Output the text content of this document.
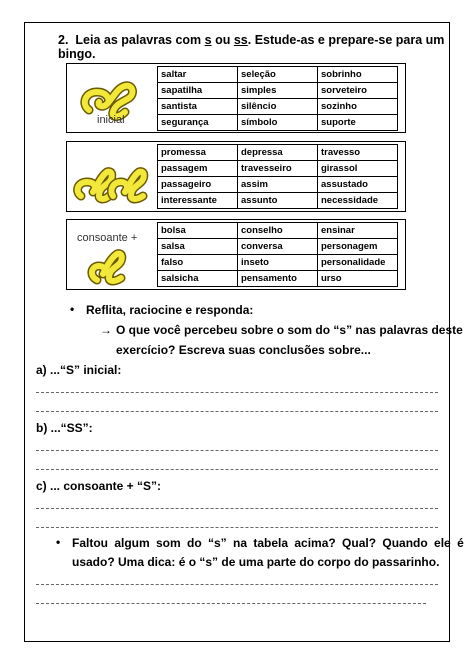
2. Leia as palavras com s ou ss. Estude-as e prepare-se para um bingo.
inicial
saltar	seleção	sobrinho
sapatilha	simples	sorveteiro
santista	silêncio	sozinho
segurança	símbolo	suporte
promessa	depressa	travesso
passagem	travesseiro	girassol
passageiro	assim	assustado
interessante	assunto	necessidade
consoante +
bolsa	conselho	ensinar
salsa	conversa	personagem
falso	inseto	personalidade
salsicha	pensamento	urso
• Reflita, raciocine e responda:
→ O que você percebeu sobre o som do “s” nas palavras deste
exercício? Escreva suas conclusões sobre...
a) ...“S” inicial:
b) ...“SS”:
c) ... consoante + “S”:
• Faltou algum som do “s” na tabela acima? Qual? Quando ele é
usado? Uma dica: é o “s” de uma parte do corpo do passarinho.
